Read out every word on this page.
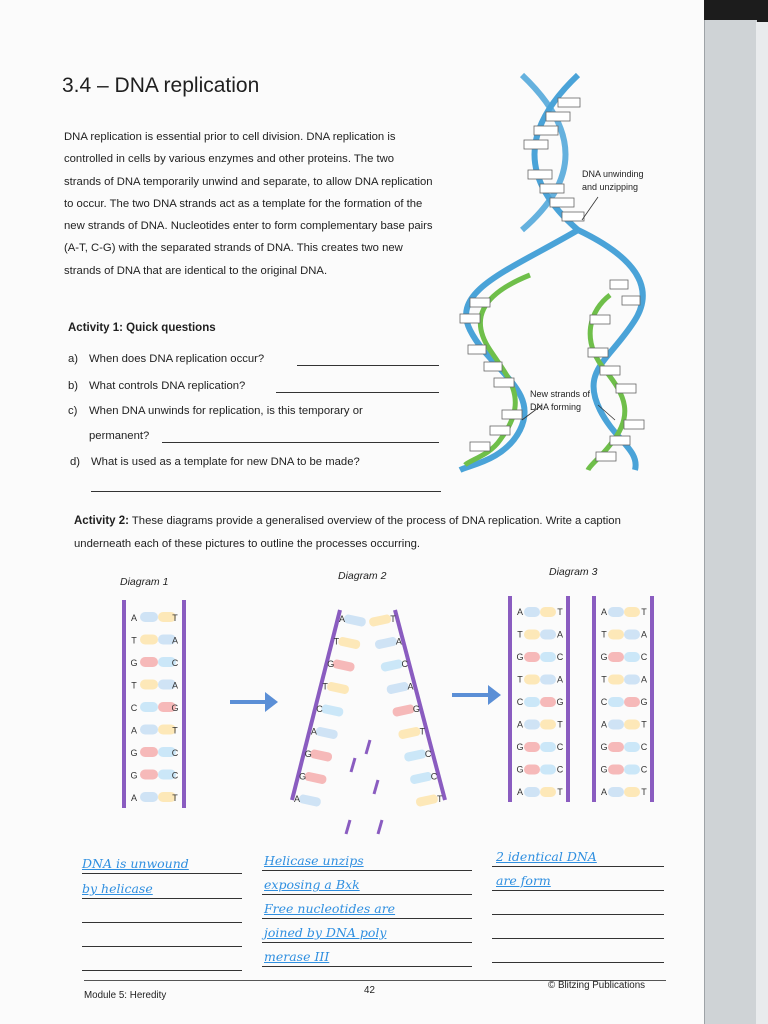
3.4 – DNA replication
DNA replication is essential prior to cell division. DNA replication is controlled in cells by various enzymes and other proteins. The two strands of DNA temporarily unwind and separate, to allow DNA replication to occur. The two DNA strands act as a template for the formation of the new strands of DNA. Nucleotides enter to form complementary base pairs (A-T, C-G) with the separated strands of DNA. This creates two new strands of DNA that are identical to the original DNA.
Activity 1: Quick questions
a) When does DNA replication occur?
b) What controls DNA replication?
c) When DNA unwinds for replication, is this temporary or
permanent?
d) What is used as a template for new DNA to be made?
DNA unwinding
and unzipping
New strands of
DNA forming
Activity 2: These diagrams provide a generalised overview of the process of DNA replication. Write a caption underneath each of these pictures to outline the processes occurring.
Diagram 1	Diagram 2	Diagram 3
A	T
T	A
G	C
T	A
C	G
A	T
G	C
G	C
A	T
A	T
T	A
G	C
T	A
C	G
A	T
G	C
G	C
A	T
A	T
T	A
G	C
T	A
C	G
A	T
G	C
G	C
A	T
A	T
T	A
G	C
T	A
C	G
A	T
G	C
G	C
A	T
DNA is unwound
by helicase
Helicase unzips
exposing a Bxk
Free nucleotides are
joined by DNA poly
merase III
2 identical DNA
are form
Module 5: Heredity	42	© Blitzing Publications
